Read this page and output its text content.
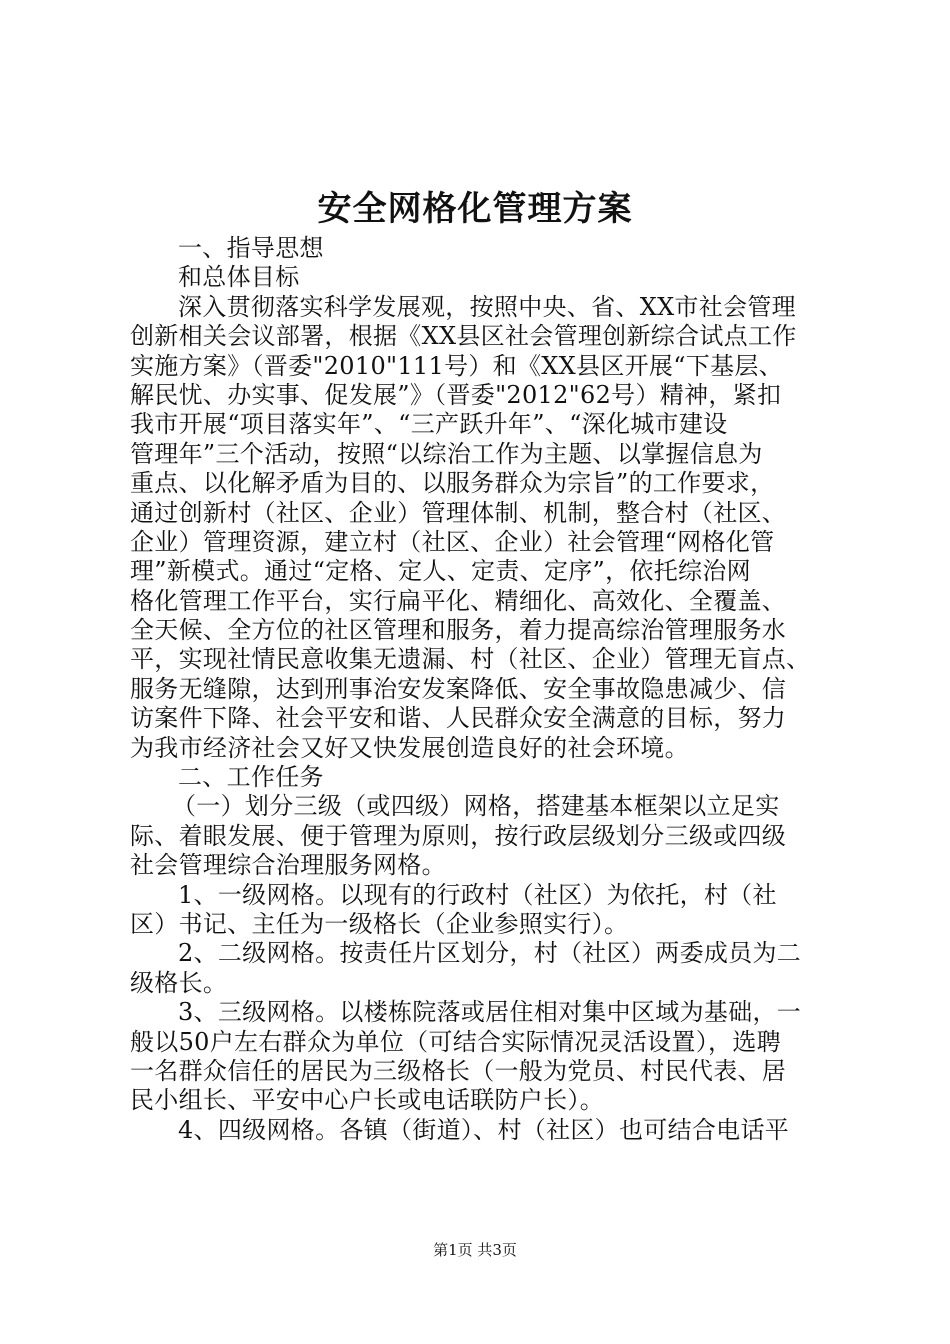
安全网格化管理方案
一、指导思想
和总体目标
深入贯彻落实科学发展观，按照中央、省、XX市社会管理
创新相关会议部署，根据《XX县区社会管理创新综合试点工作
实施方案》（晋委"2010"111号）和《XX县区开展“下基层、
解民忧、办实事、促发展”》（晋委"2012"62号）精神，紧扣
我市开展“项目落实年”、“三产跃升年”、“深化城市建设
管理年”三个活动，按照“以综治工作为主题、以掌握信息为
重点、以化解矛盾为目的、以服务群众为宗旨”的工作要求，
通过创新村（社区、企业）管理体制、机制，整合村（社区、
企业）管理资源，建立村（社区、企业）社会管理“网格化管
理”新模式。通过“定格、定人、定责、定序”，依托综治网
格化管理工作平台，实行扁平化、精细化、高效化、全覆盖、
全天候、全方位的社区管理和服务，着力提高综治管理服务水
平，实现社情民意收集无遗漏、村（社区、企业）管理无盲点、
服务无缝隙，达到刑事治安发案降低、安全事故隐患减少、信
访案件下降、社会平安和谐、人民群众安全满意的目标，努力
为我市经济社会又好又快发展创造良好的社会环境。
二、工作任务
（一）划分三级（或四级）网格，搭建基本框架以立足实
际、着眼发展、便于管理为原则，按行政层级划分三级或四级
社会管理综合治理服务网格。
1、一级网格。以现有的行政村（社区）为依托，村（社
区）书记、主任为一级格长（企业参照实行）。
2、二级网格。按责任片区划分，村（社区）两委成员为二
级格长。
3、三级网格。以楼栋院落或居住相对集中区域为基础，一
般以50户左右群众为单位（可结合实际情况灵活设置），选聘
一名群众信任的居民为三级格长（一般为党员、村民代表、居
民小组长、平安中心户长或电话联防户长）。
4、四级网格。各镇（街道）、村（社区）也可结合电话平
第1页 共3页
